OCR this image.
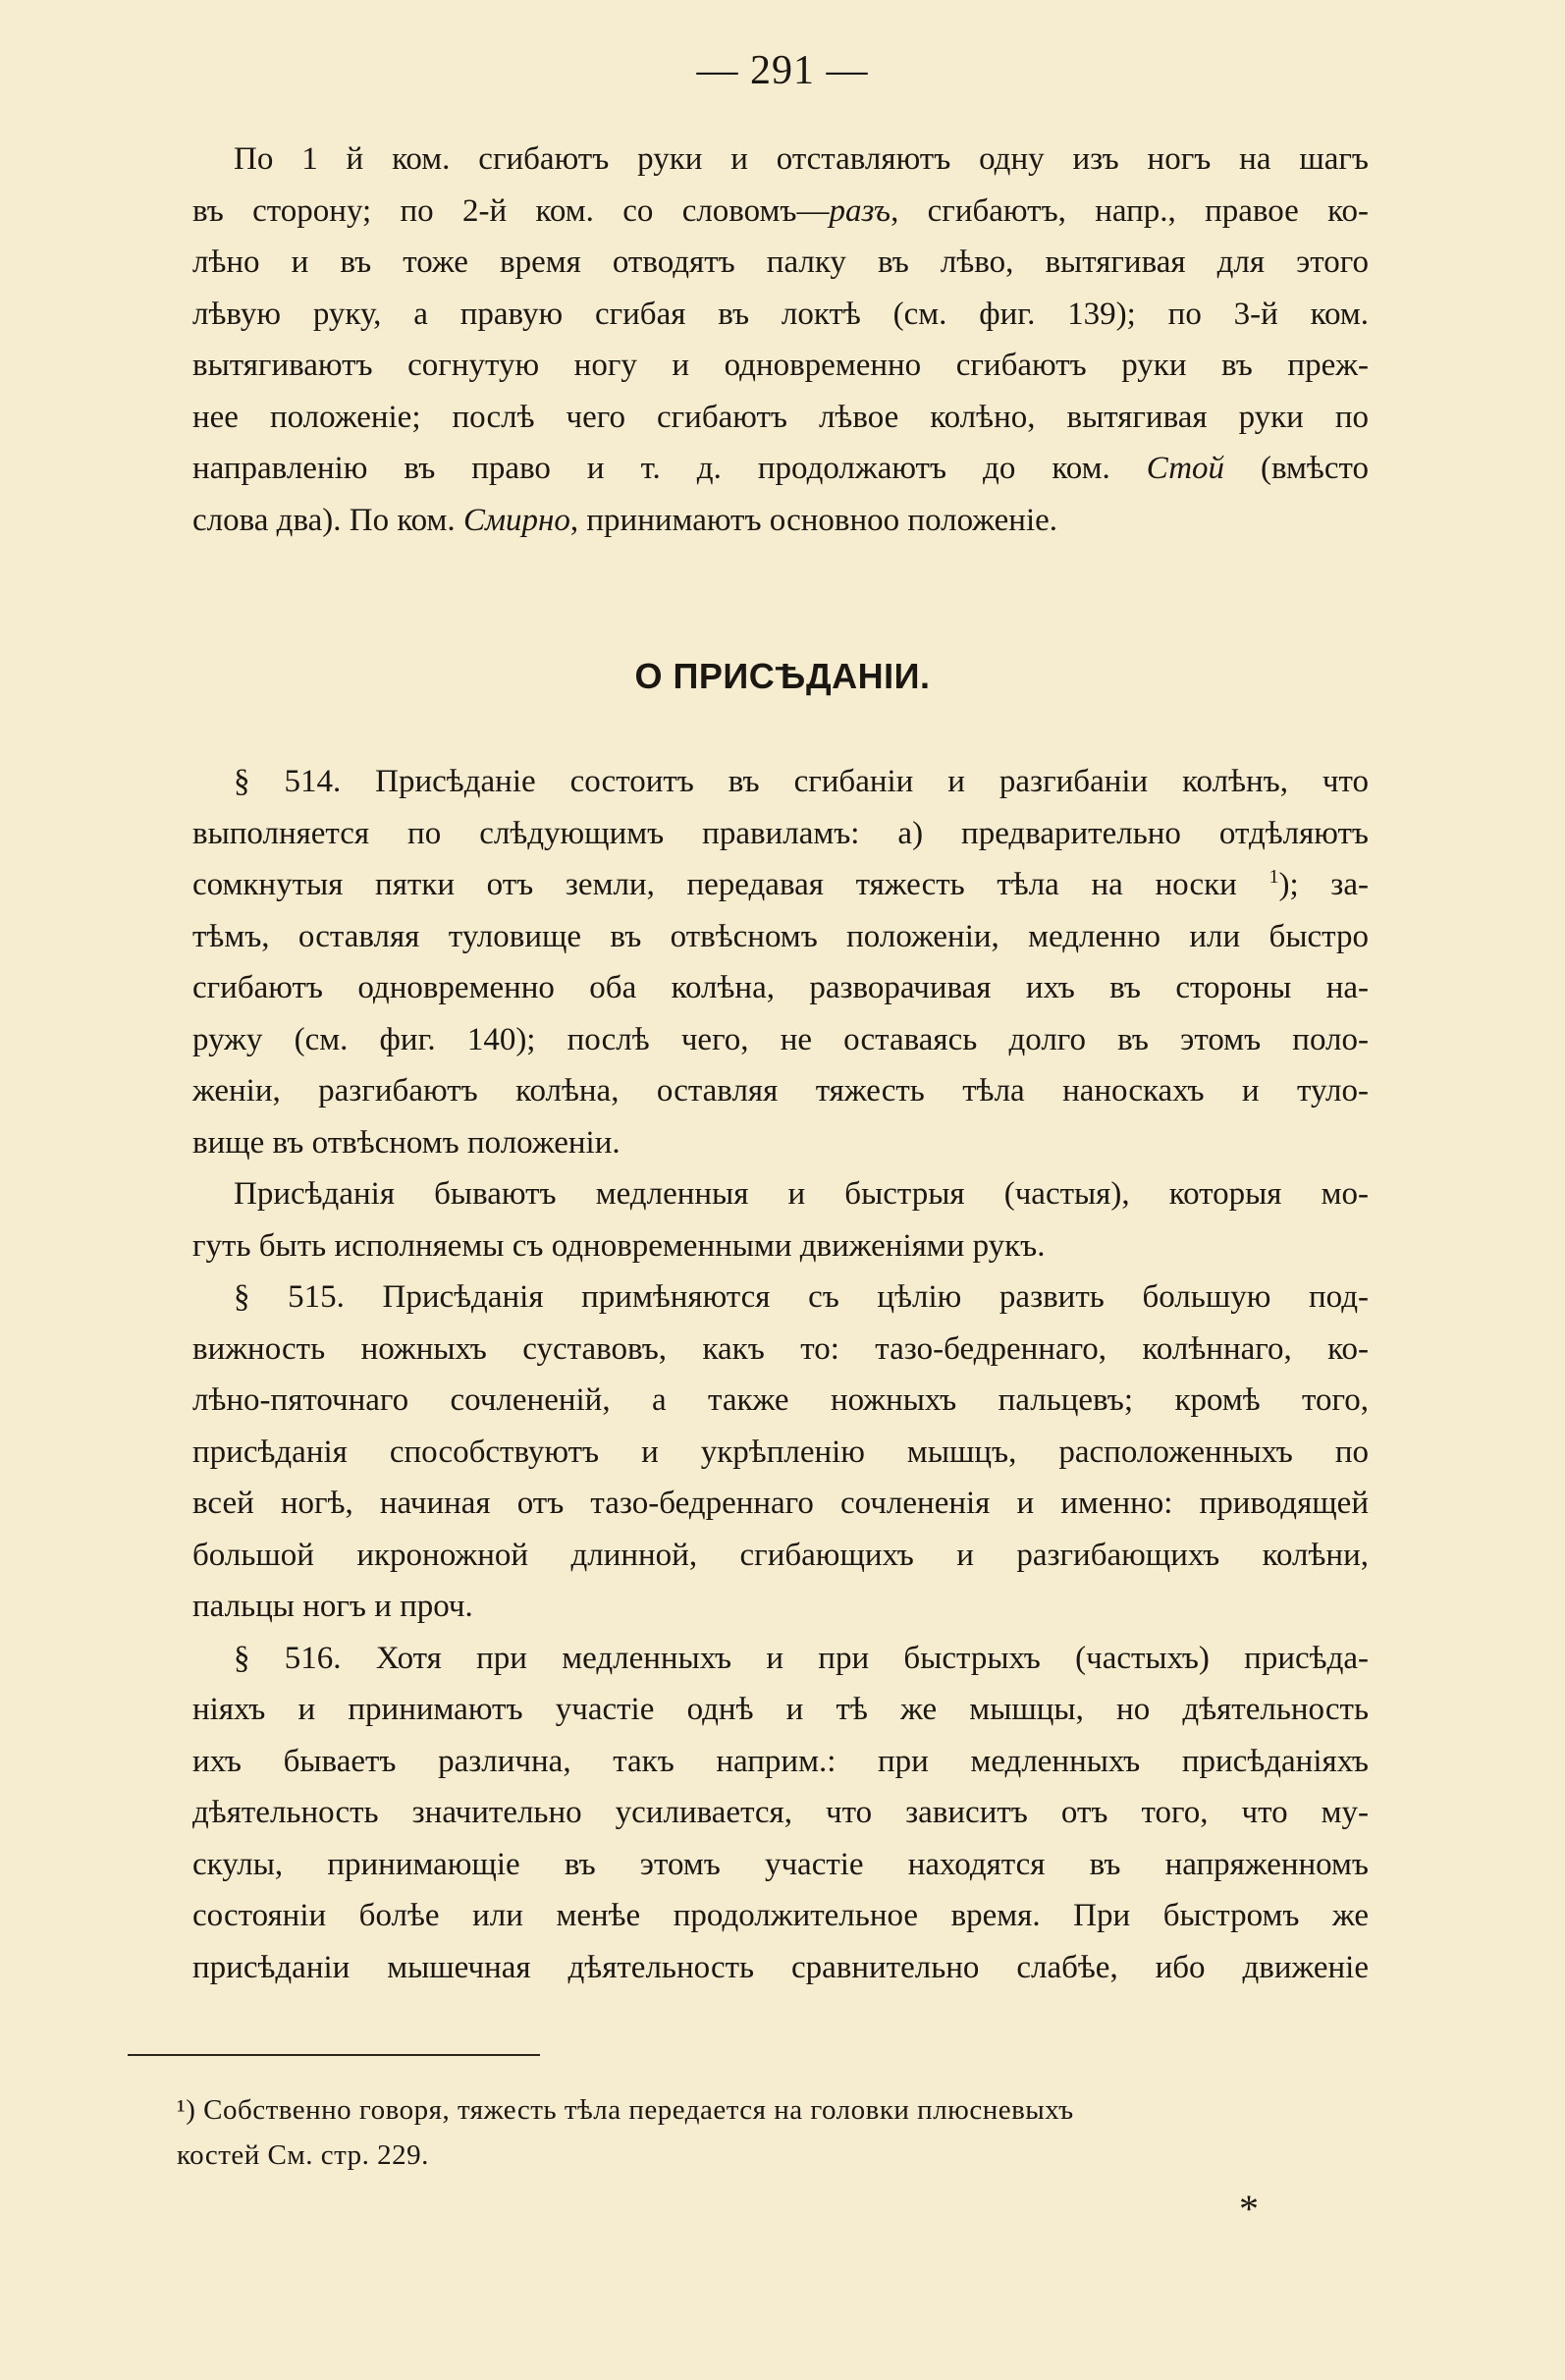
— 291 —
По 1 й ком. сгибаютъ руки и отставляютъ одну изъ ногъ на шагъ
въ сторону; по 2-й ком. со словомъ—разъ, сгибаютъ, напр., правое ко-
лѣно и въ тоже время отводятъ палку въ лѣво, вытягивая для этого
лѣвую руку, а правую сгибая въ локтѣ (см. фиг. 139); по 3-й ком.
вытягиваютъ согнутую ногу и одновременно сгибаютъ руки въ преж-
нее положеніе; послѣ чего сгибаютъ лѣвое колѣно, вытягивая руки по
направленію въ право и т. д. продолжаютъ до ком. Стой (вмѣсто
слова два). По ком. Смирно, принимаютъ основноо положеніе.
О ПРИСѢДАНІИ.
§ 514. Присѣданіе состоитъ въ сгибаніи и разгибаніи колѣнъ, что
выполняется по слѣдующимъ правиламъ: а) предварительно отдѣляютъ
сомкнутыя пятки отъ земли, передавая тяжесть тѣла на носки $^1$); за-
тѣмъ, оставляя туловище въ отвѣсномъ положеніи, медленно или быстро
сгибаютъ одновременно оба колѣна, разворачивая ихъ въ стороны на-
ружу (см. фиг. 140); послѣ чего, не оставаясь долго въ этомъ поло-
женіи, разгибаютъ колѣна, оставляя тяжесть тѣла наноскахъ и туло-
вище въ отвѣсномъ положеніи.
Присѣданія бываютъ медленныя и быстрыя (частыя), которыя мо-
гуть быть исполняемы съ одновременными движеніями рукъ.
§ 515. Присѣданія примѣняются съ цѣлію развить большую под-
вижность ножныхъ суставовъ, какъ то: тазо-бедреннаго, колѣннаго, ко-
лѣно-пяточнаго сочлененій, а также ножныхъ пальцевъ; кромѣ того,
присѣданія способствуютъ и укрѣпленію мышцъ, расположенныхъ по
всей ногѣ, начиная отъ тазо-бедреннаго сочлененія и именно: приводящей
большой икроножной длинной, сгибающихъ и разгибающихъ колѣни,
пальцы ногъ и проч.
§ 516. Хотя при медленныхъ и при быстрыхъ (частыхъ) присѣда-
ніяхъ и принимаютъ участіе однѣ и тѣ же мышцы, но дѣятельность
ихъ бываетъ различна, такъ наприм.: при медленныхъ присѣданіяхъ
дѣятельность значительно усиливается, что зависитъ отъ того, что му-
скулы, принимающіе въ этомъ участіе находятся въ напряженномъ
состояніи болѣе или менѣе продолжительное время. При быстромъ же
присѣданіи мышечная дѣятельность сравнительно слабѣе, ибо движеніе
¹) Собственно говоря, тяжесть тѣла передается на головки плюсневыхъ
костей См. стр. 229.
*
